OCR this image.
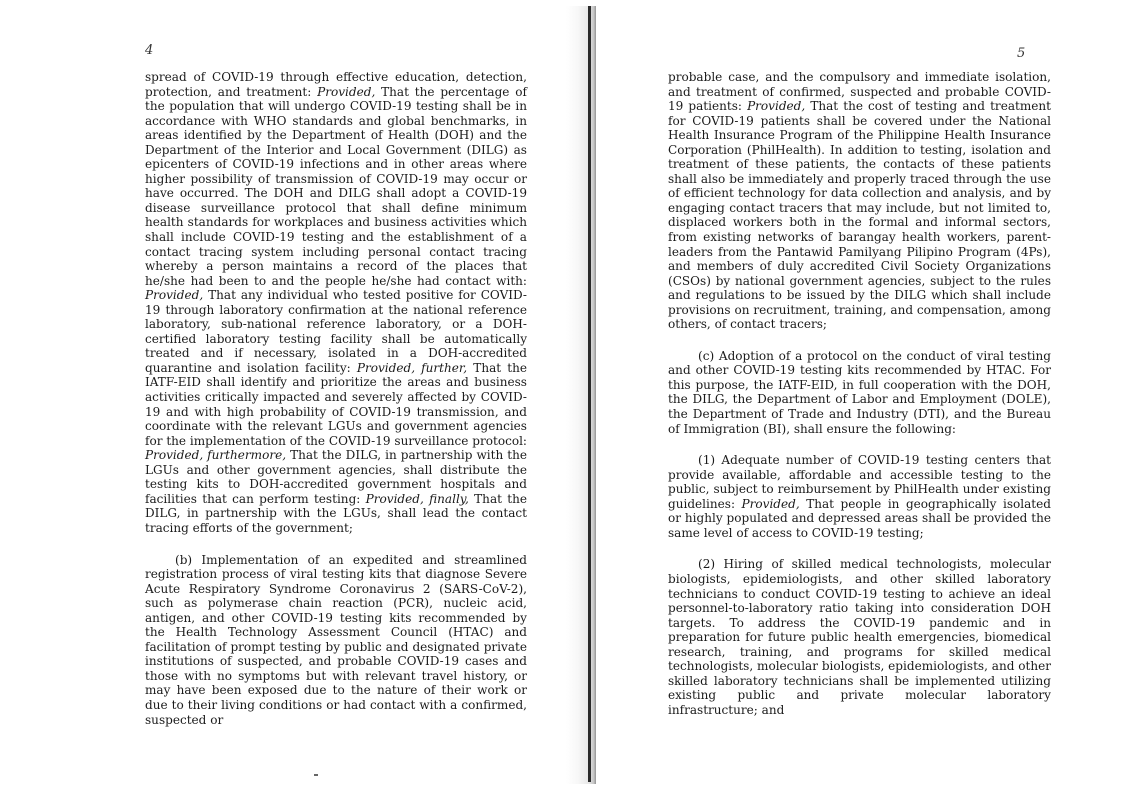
4

spread of COVID-19 through effective education, detection, protection, and treatment: Provided, That the percentage of the population that will undergo COVID-19 testing shall be in accordance with WHO standards and global benchmarks, in areas identified by the Department of Health (DOH) and the Department of the Interior and Local Government (DILG) as epicenters of COVID-19 infections and in other areas where higher possibility of transmission of COVID-19 may occur or have occurred. The DOH and DILG shall adopt a COVID-19 disease surveillance protocol that shall define minimum health standards for workplaces and business activities which shall include COVID-19 testing and the establishment of a contact tracing system including personal contact tracing whereby a person maintains a record of the places that he/she had been to and the people he/she had contact with: Provided, That any individual who tested positive for COVID-19 through laboratory confirmation at the national reference laboratory, sub-national reference laboratory, or a DOH-certified laboratory testing facility shall be automatically treated and if necessary, isolated in a DOH-accredited quarantine and isolation facility: Provided, further, That the IATF-EID shall identify and prioritize the areas and business activities critically impacted and severely affected by COVID-19 and with high probability of COVID-19 transmission, and coordinate with the relevant LGUs and government agencies for the implementation of the COVID-19 surveillance protocol: Provided, furthermore, That the DILG, in partnership with the LGUs and other government agencies, shall distribute the testing kits to DOH-accredited government hospitals and facilities that can perform testing: Provided, finally, That the DILG, in partnership with the LGUs, shall lead the contact tracing efforts of the government;

(b) Implementation of an expedited and streamlined registration process of viral testing kits that diagnose Severe Acute Respiratory Syndrome Coronavirus 2 (SARS-CoV-2), such as polymerase chain reaction (PCR), nucleic acid, antigen, and other COVID-19 testing kits recommended by the Health Technology Assessment Council (HTAC) and facilitation of prompt testing by public and designated private institutions of suspected, and probable COVID-19 cases and those with no symptoms but with relevant travel history, or may have been exposed due to the nature of their work or due to their living conditions or had contact with a confirmed, suspected or

5

probable case, and the compulsory and immediate isolation, and treatment of confirmed, suspected and probable COVID-19 patients: Provided, That the cost of testing and treatment for COVID-19 patients shall be covered under the National Health Insurance Program of the Philippine Health Insurance Corporation (PhilHealth). In addition to testing, isolation and treatment of these patients, the contacts of these patients shall also be immediately and properly traced through the use of efficient technology for data collection and analysis, and by engaging contact tracers that may include, but not limited to, displaced workers both in the formal and informal sectors, from existing networks of barangay health workers, parent-leaders from the Pantawid Pamilyang Pilipino Program (4Ps), and members of duly accredited Civil Society Organizations (CSOs) by national government agencies, subject to the rules and regulations to be issued by the DILG which shall include provisions on recruitment, training, and compensation, among others, of contact tracers;

(c) Adoption of a protocol on the conduct of viral testing and other COVID-19 testing kits recommended by HTAC. For this purpose, the IATF-EID, in full cooperation with the DOH, the DILG, the Department of Labor and Employment (DOLE), the Department of Trade and Industry (DTI), and the Bureau of Immigration (BI), shall ensure the following:

(1) Adequate number of COVID-19 testing centers that provide available, affordable and accessible testing to the public, subject to reimbursement by PhilHealth under existing guidelines: Provided, That people in geographically isolated or highly populated and depressed areas shall be provided the same level of access to COVID-19 testing;

(2) Hiring of skilled medical technologists, molecular biologists, epidemiologists, and other skilled laboratory technicians to conduct COVID-19 testing to achieve an ideal personnel-to-laboratory ratio taking into consideration DOH targets. To address the COVID-19 pandemic and in preparation for future public health emergencies, biomedical research, training, and programs for skilled medical technologists, molecular biologists, epidemiologists, and other skilled laboratory technicians shall be implemented utilizing existing public and private molecular laboratory infrastructure; and
